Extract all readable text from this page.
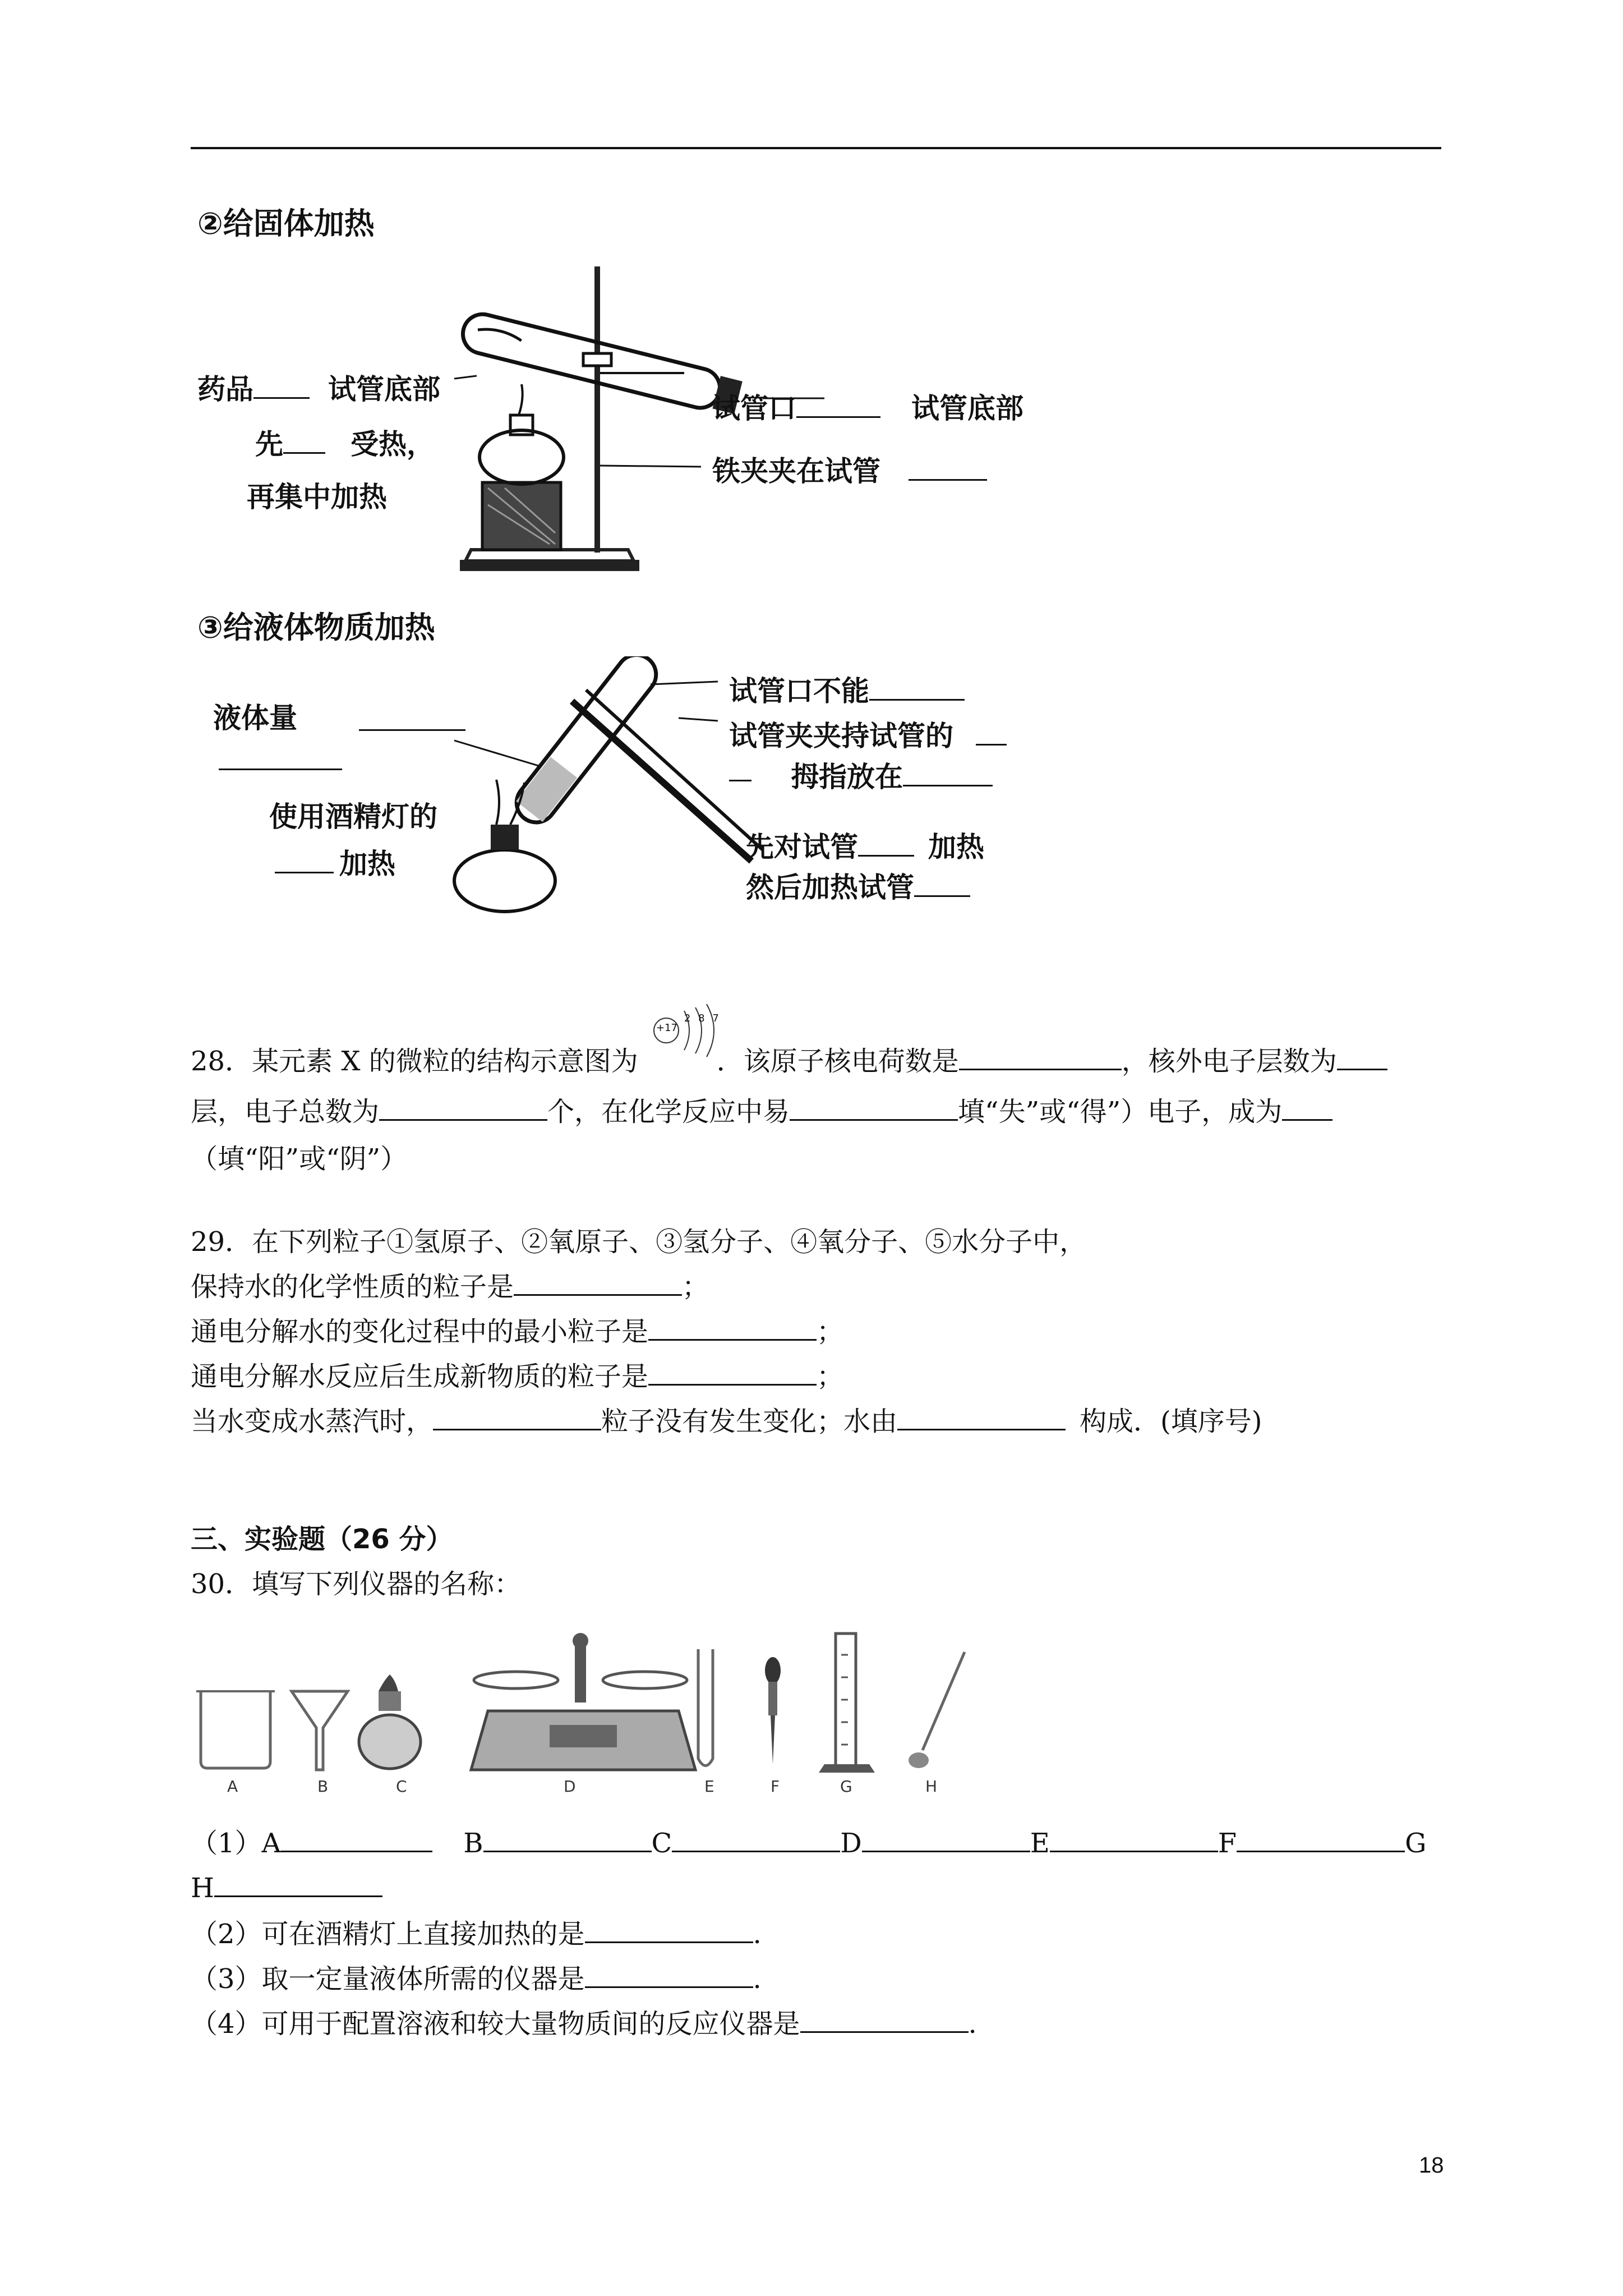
②给固体加热
药品	试管底部
先	受热，
再集中加热
试管口	试管底部
铁夹夹在试管
③给液体物质加热
液体量
使用酒精灯的
加热
试管口不能
试管夹夹持试管的
拇指放在
先对试管	加热
然后加热试管
+17
2 8 7
28．某元素 X 的微粒的结构示意图为	．该原子核电荷数是	，核外电子层数为
层，电子总数为	个，在化学反应中易	填“失”或“得”）电子，成为
（填“阳”或“阴”）
29．在下列粒子①氢原子、②氧原子、③氢分子、④氧分子、⑤水分子中，
保持水的化学性质的粒子是	；
通电分解水的变化过程中的最小粒子是	；
通电分解水反应后生成新物质的粒子是	；
当水变成水蒸汽时，	粒子没有发生变化；水由	构成．(填序号)
三、实验题（26 分）
30．填写下列仪器的名称：
A	B	C	D	E	F	G	H
（1）A	B	C	D	E	F	G
H
（2）可在酒精灯上直接加热的是	.
（3）取一定量液体所需的仪器是	.
（4）可用于配置溶液和较大量物质间的反应仪器是	.
18
